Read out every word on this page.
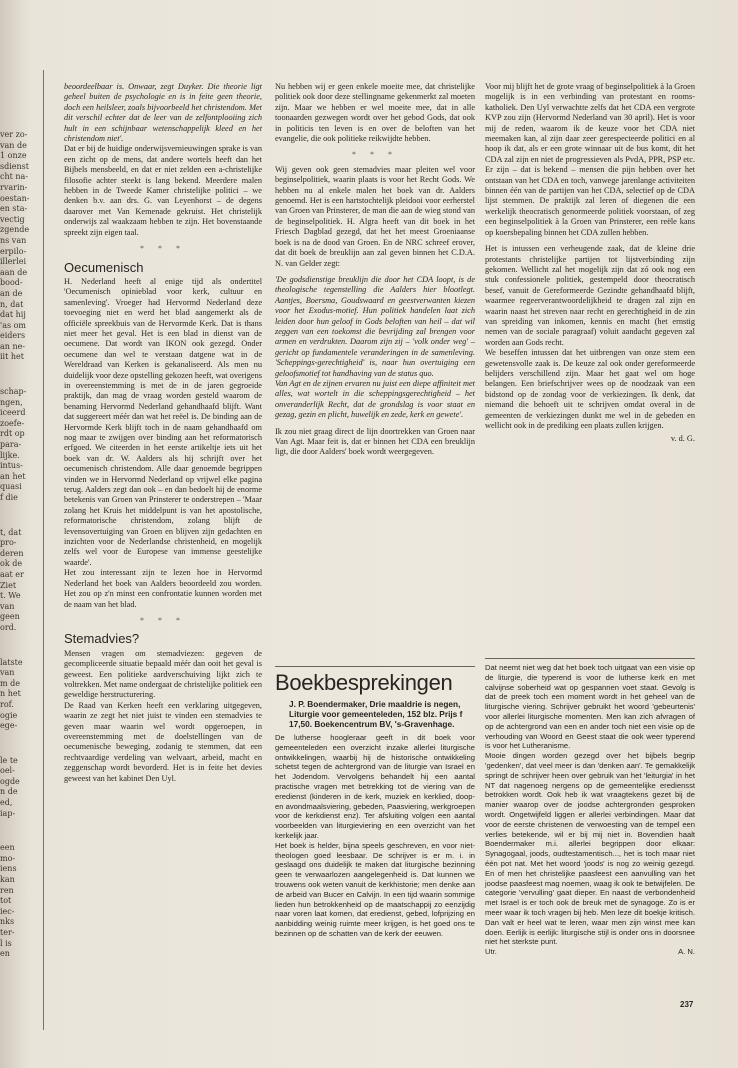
ver zo-
van de
1 onze
sdienst
cht na-
rvarin-
oestan-
en sta-
vectig
zgende
ns van
erpilo-
illerlei
aan de
bood-
an de
n, dat
dat hij
'as om
eiders
an ne-
iit het
schap-
ngen,
iceerd
zoefe-
rdt op
para-
lijke.
intus-
an het
quasi
f die
t, dat
pro-
deren
ok de
aat er
Ziet
t. We
van
geen
ord.
latste
van
m de
n het
rof.
ogie
ege-
le te
oel-
ogde
n de
ed,
iap-
een
mo-
iens
kan
ren
tot
iec-
nks
ter-
l is
en

beoordeelbaar is. Onwaar, zegt Duyker. Die theorie ligt geheel buiten de psychologie en is in feite geen theorie, doch een heilsleer, zoals bijvoorbeeld het christendom. Met dit verschil echter dat de leer van de zelfontplooiing zich hult in een schijnbaar wetenschappelijk kleed en het christendom niet'.

Dat er bij de huidige onderwijsvernieuwingen sprake is van een zicht op de mens, dat andere wortels heeft dan het Bijbels mensbeeld, en dat er niet zelden een a-christelijke filosofie achter steekt is lang bekend. Meerdere malen hebben in de Tweede Kamer christelijke politici – we denken b.v. aan drs. G. van Leyenhorst – de degens daarover met Van Kemenade gekruist. Het christelijk onderwijs zal waakzaam hebben te zijn. Het bovenstaande spreekt zijn eigen taal.

* * *
Oecumenisch

H. Nederland heeft al enige tijd als ondertitel 'Oecumenisch opinieblad voor kerk, cultuur en samenleving'. Vroeger had Hervormd Nederland deze toevoeging niet en werd het blad aangemerkt als de officiële spreekbuis van de Hervormde Kerk. Dat is thans niet meer het geval. Het is een blad in dienst van de oecumene. Dat wordt van IKON ook gezegd. Onder oecumene dan wel te verstaan datgene wat in de Wereldraad van Kerken is gekanaliseerd. Als men nu duidelijk voor deze opstelling gekozen heeft, wat overigens in overeenstemming is met de in de jaren gegroeide praktijk, dan mag de vraag worden gesteld waarom de benaming Hervormd Nederland gehandhaafd blijft. Want dat suggereert méér dan wat het reëel is. De binding aan de Hervormde Kerk blijft toch in de naam gehandhaafd om nog maar te zwijgen over binding aan het reformatorisch erfgoed. We citeerden in het eerste artikeltje iets uit het boek van dr. W. Aalders als hij schrijft over het oecumenisch christendom. Alle daar genoemde begrippen vinden we in Hervormd Nederland op vrijwel elke pagina terug. Aalders zegt dan ook – en dan bedoelt hij de enorme betekenis van Groen van Prinsterer te onderstrepen – 'Maar zolang het Kruis het middelpunt is van het apostolische, reformatorische christendom, zolang blijft de levensovertuiging van Groen en blijven zijn gedachten en inzichten voor de Nederlandse christenheid, en mogelijk zelfs wel voor de Europese van immense geestelijke waarde'.

Het zou interessant zijn te lezen hoe in Hervormd Nederland het boek van Aalders beoordeeld zou worden. Het zou op z'n minst een confrontatie kunnen worden met de naam van het blad.

* * *
Stemadvies?

Mensen vragen om stemadviezen: gegeven de gecompliceerde situatie bepaald méér dan ooit het geval is geweest. Een politieke aardverschuiving lijkt zich te voltrekken. Met name ondergaat de christelijke politiek een geweldige herstructurering.

De Raad van Kerken heeft een verklaring uitgegeven, waarin ze zegt het niet juist te vinden een stemadvies te geven maar waarin wel wordt opgeroepen, in overeenstemming met de doelstellingen van de oecumenische beweging, zodanig te stemmen, dat een rechtvaardige verdeling van welvaart, arbeid, macht en zeggenschap wordt bevorderd. Het is in feite het devies geweest van het kabinet Den Uyl.

Nu hebben wij er geen enkele moeite mee, dat christelijke politiek ook door deze stellingname gekenmerkt zal moeten zijn. Maar we hebben er wel moeite mee, dat in alle toonaarden gezwegen wordt over het gebod Gods, dat ook in politicis ten leven is en over de beloften van het evangelie, die ook politieke reikwijdte hebben.

* * *

Wij geven ook geen stemadvies maar pleiten wel voor beginselpolitiek, waarin plaats is voor het Recht Gods. We hebben nu al enkele malen het boek van dr. Aalders genoemd. Het is een hartstochtelijk pleidooi voor eerherstel van Groen van Prinsterer, de man die aan de wieg stond van de beginselpolitiek. H. Algra heeft van dit boek in het Friesch Dagblad gezegd, dat het het meest Groeniaanse boek is na de dood van Groen. En de NRC schreef erover, dat dit boek de breuklijn aan zal geven binnen het C.D.A. N. van Gelder zegt:

'De godsdienstige breuklijn die door het CDA loopt, is de theologische tegenstelling die Aalders hier blootlegt. Aantjes, Boersma, Goudswaard en geestverwanten kiezen voor het Exodus-motief. Hun politiek handelen laat zich leiden door hun geloof in Gods beloften van heil – dat wil zeggen van een toekomst die bevrijding zal brengen voor armen en verdrukten. Daarom zijn zij – 'volk onder weg' – gericht op fundamentele veranderingen in de samenleving. 'Scheppings-gerechtigheid' is, naar hun overtuiging een geloofsmotief tot handhaving van de status quo.

Van Agt en de zijnen ervaren nu juist een diepe affiniteit met alles, wat wortelt in die scheppingsgerechtigheid – het onveranderlijk Recht, dat de grondslag is voor staat en gezag, gezin en plicht, huwelijk en zede, kerk en gewete'.

Ik zou niet graag direct de lijn doortrekken van Groen naar Van Agt. Maar feit is, dat er binnen het CDA een breuklijn ligt, die door Aalders' boek wordt weergegeven.

Voor mij blijft het de grote vraag of beginselpolitiek à la Groen mogelijk is in een verbinding van protestant en rooms-katholiek. Den Uyl verwachtte zelfs dat het CDA een vergrote KVP zou zijn (Hervormd Nederland van 30 april). Het is voor mij de reden, waarom ik de keuze voor het CDA niet meemaken kan, al zijn daar zeer gerespecteerde politici en al hoop ik dat, als er een grote winnaar uit de bus komt, dit het CDA zal zijn en niet de progressieven als PvdA, PPR, PSP etc. Er zijn – dat is bekend – mensen die pijn hebben over het ontstaan van het CDA en toch, vanwege jarenlange activiteiten binnen één van de partijen van het CDA, selectief op de CDA lijst stemmen. De praktijk zal leren of diegenen die een werkelijk theocratisch genormeerde politiek voorstaan, of zeg een beginselpolitiek à la Groen van Prinsterer, een reële kans op koersbepaling binnen het CDA zullen hebben.

Het is intussen een verheugende zaak, dat de kleine drie protestants christelijke partijen tot lijstverbinding zijn gekomen. Wellicht zal het mogelijk zijn dat zó ook nog een stuk confessionele politiek, gestempeld door theocratisch besef, vanuit de Gereformeerde Gezindte gehandhaafd blijft, waarmee regeerverantwoordelijkheid te dragen zal zijn en waarin naast het streven naar recht en gerechtigheid in de zin van spreiding van inkomen, kennis en macht (het ernstig nemen van de sociale paragraaf) voluit aandacht gegeven zal worden aan Gods recht.

We beseffen intussen dat het uitbrengen van onze stem een gewetensvolle zaak is. De keuze zal ook onder gereformeerde belijders verschillend zijn. Maar het gaat wel om hoge belangen. Een briefschrijver wees op de noodzaak van een bidstond op de zondag voor de verkiezingen. Ik denk, dat niemand die behoeft uit te schrijven omdat overal in de gemeenten de verkiezingen dunkt me wel in de gebeden en wellicht ook in de prediking een plaats zullen krijgen.

v. d. G.
Boekbesprekingen
J. P. Boendermaker, Drie maaldrie is negen, Liturgie voor gemeenteleden, 152 blz. Prijs f 17,50. Boekencentrum BV, 's-Gravenhage.

De lutherse hoogleraar geeft in dit boek voor gemeenteleden een overzicht inzake allerlei liturgische ontwikkelingen, waarbij hij de historische ontwikkeling schetst tegen de achtergrond van de liturgie van Israel en het Jodendom. Vervolgens behandelt hij een aantal practische vragen met betrekking tot de viering van de eredienst (kinderen in de kerk, muziek en kerklied, doop- en avondmaalsviering, gebeden, Paasviering, werkgroepen voor de kerkdienst enz). Ter afsluiting volgen een aantal voorbeelden van liturgieviering en een overzicht van het kerkelijk jaar.

Het boek is helder, bijna speels geschreven, en voor niet-theologen goed leesbaar. De schrijver is er m. i. in geslaagd ons duidelijk te maken dat liturgische bezinning geen te verwaarlozen aangelegenheid is. Dat kunnen we trouwens ook weten vanuit de kerkhistorie; men denke aan de arbeid van Bucer en Calvijn. In een tijd waarin sommige lieden hun betrokkenheid op de maatschappij zo eenzijdig naar voren laat komen, dat eredienst, gebed, lofprijzing en aanbidding weinig ruimte meer krijgen, is het goed ons te bezinnen op de schatten van de kerk der eeuwen.

Dat neemt niet weg dat het boek toch uitgaat van een visie op de liturgie, die typerend is voor de lutherse kerk en met calvijnse soberheid wat op gespannen voet staat. Gevolg is dat de preek toch een moment wordt in het geheel van de liturgische viering. Schrijver gebruikt het woord 'gebeurtenis' voor allerlei liturgische momenten. Men kan zich afvragen of op de achtergrond van een en ander toch niet een visie op de verhouding van Woord en Geest staat die ook weer typerend is voor het Lutheranisme.

Mooie dingen worden gezegd over het bijbels begrip 'gedenken', dat veel meer is dan 'denken aan'. Te gemakkelijk springt de schrijver heen over gebruik van het 'leiturgia' in het NT dat nagenoeg nergens op de gemeentelijke erediensst betrokken wordt. Ook heb ik wat vraagtekens gezet bij de manier waarop over de joodse achtergronden gesproken wordt. Ongetwijfeld liggen er allerlei verbindingen. Maar dat voor de eerste christenen de verwoesting van de tempel een verlies betekende, wil er bij mij niet in. Bovendien haalt Boendermaker m.i. allerlei begrippen door elkaar: Synagogaal, joods, oudtestamentisch..., het is toch maar niet één pot nat. Met het woord 'joods' is nog zo weinig gezegd. En of men het christelijke paasfeest een aanvulling van het joodse paasfeest mag noemen, waag ik ook te betwijfelen. De categorie 'vervulling' gaat dieper. En naast de verbondenheid met Israel is er toch ook de breuk met de synagoge. Zo is er meer waar ik toch vragen bij heb. Men leze dit boekje kritisch. Dan valt er heel wat te leren, waar men zijn winst mee kan doen. Eerlijk is eerlijk: liturgische stijl is onder ons in doorsnee niet het sterkste punt.

Utr.	A. N.
237
